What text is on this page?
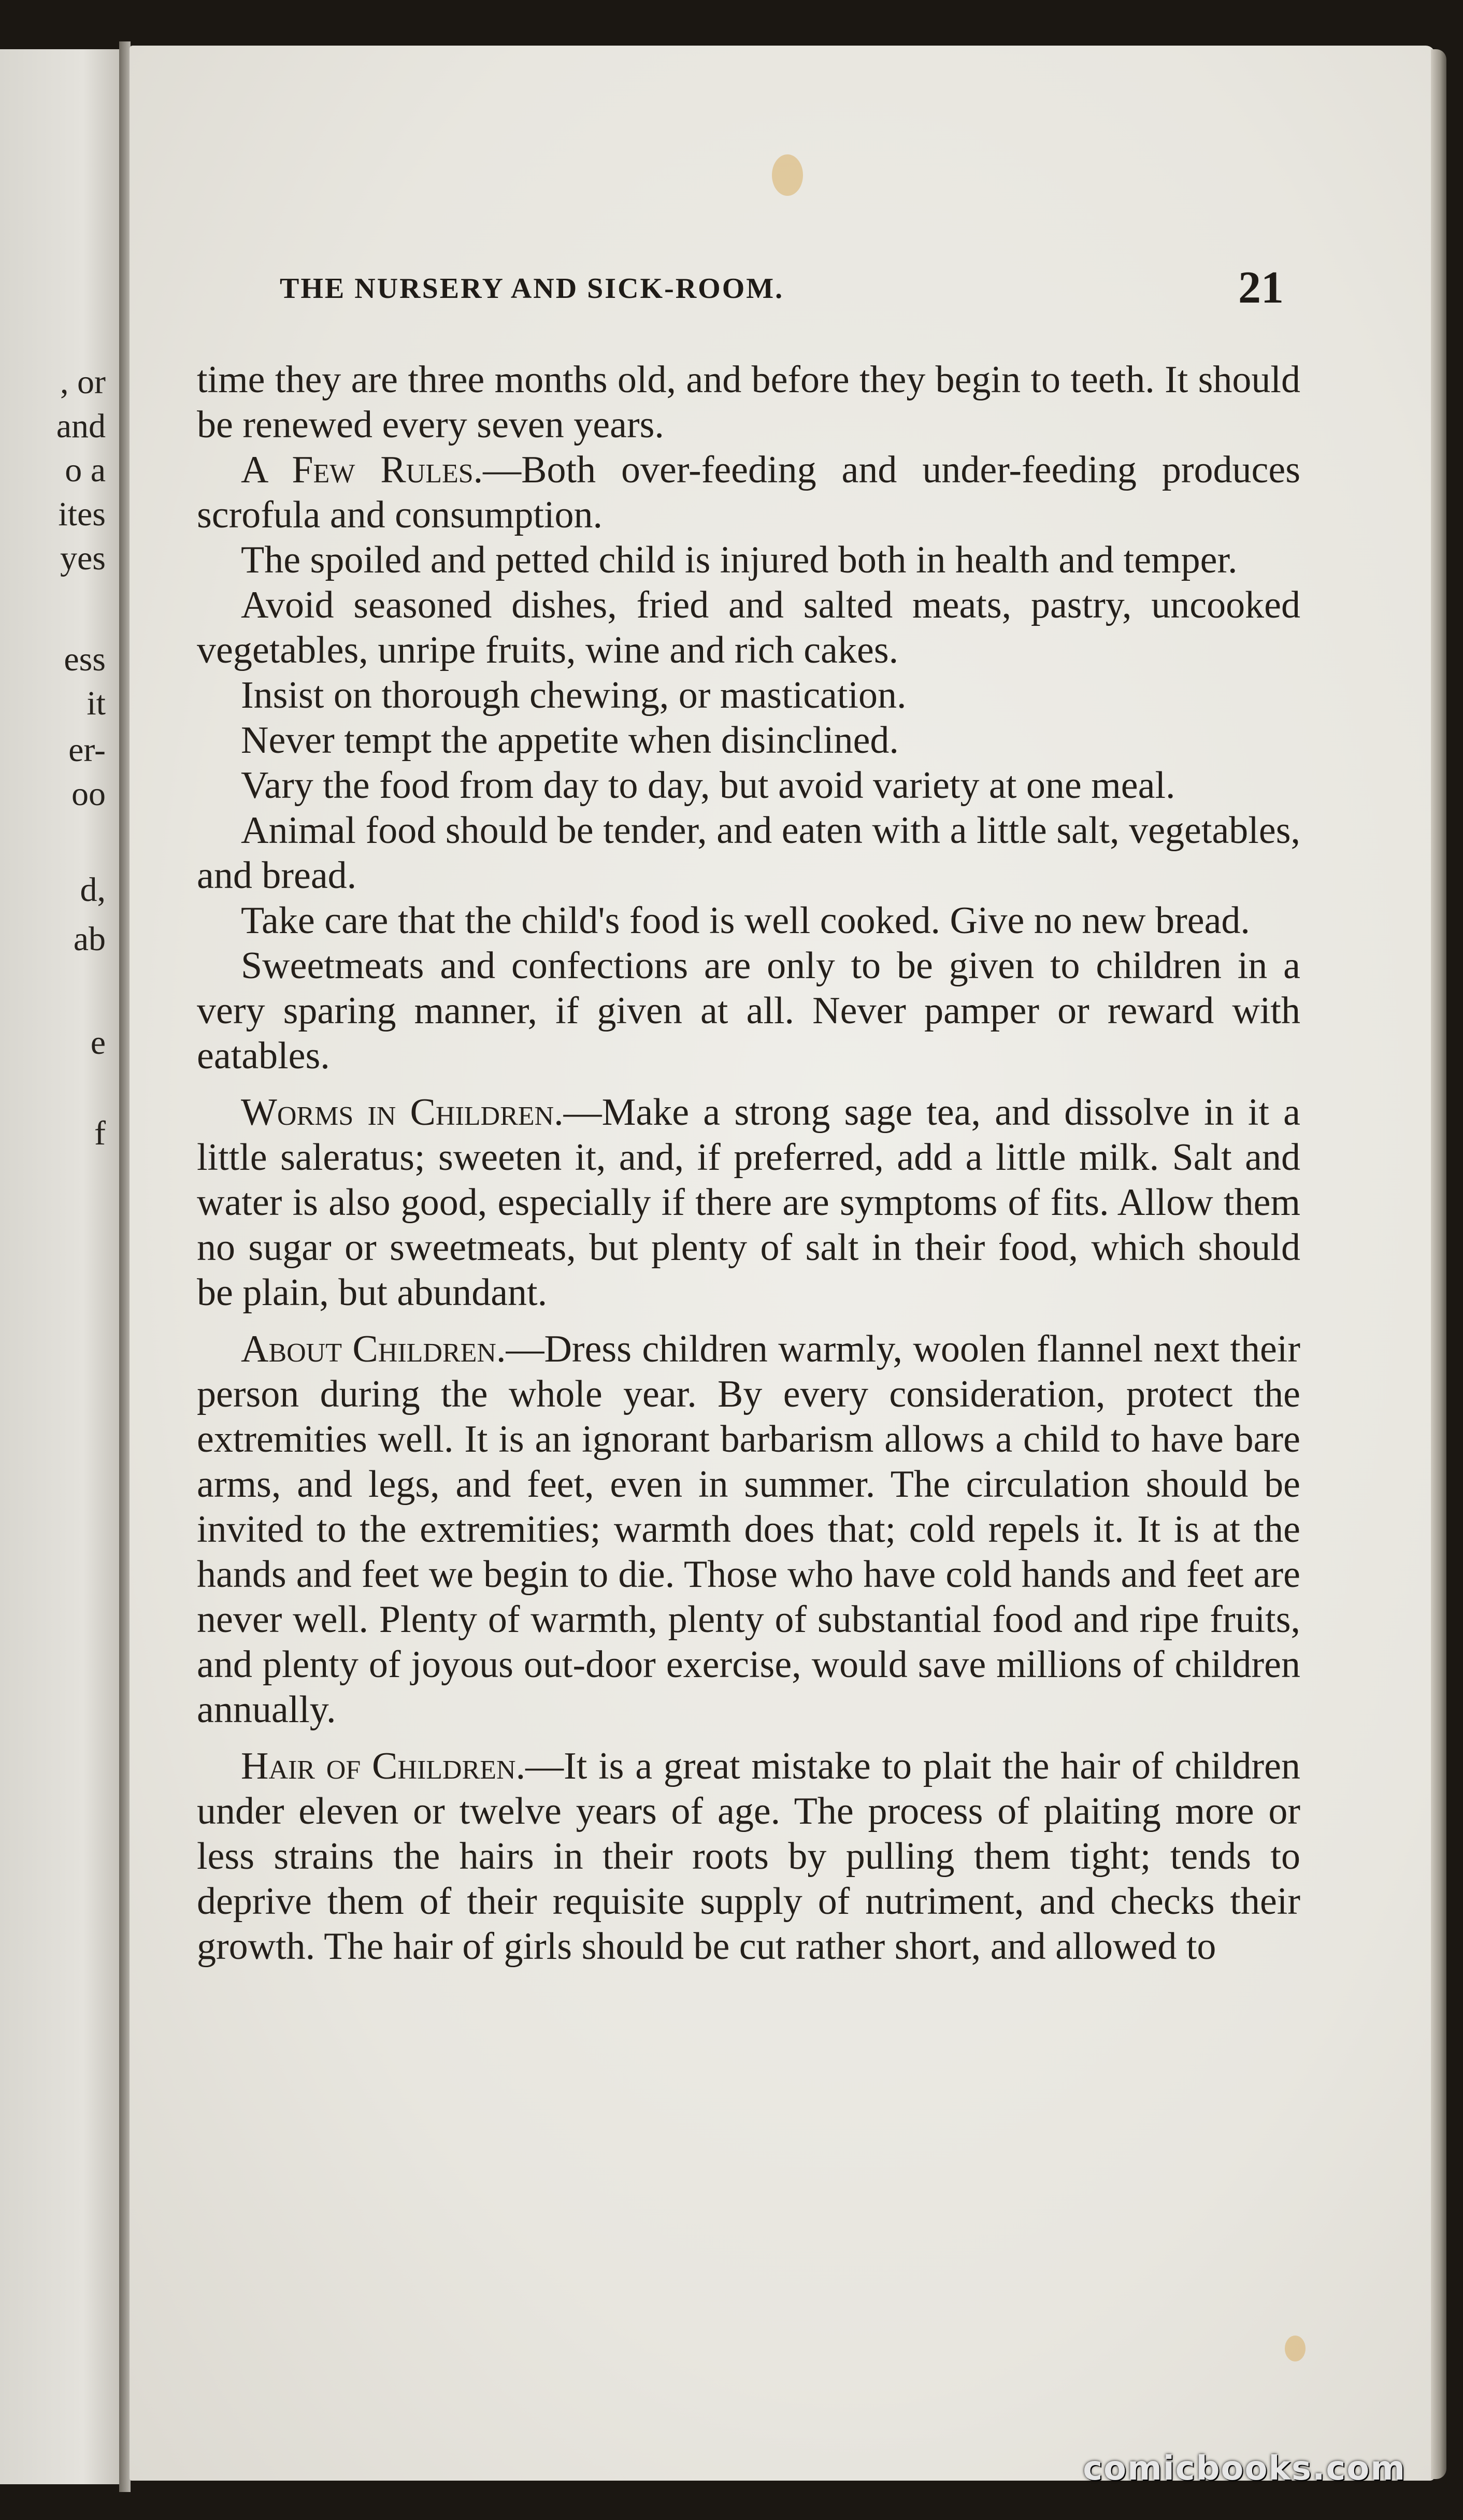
, or
and
o a
ites
yes
ess
it
er-
oo
d,
ab
e
f
THE NURSERY AND SICK-ROOM.	21

time they are three months old, and before they begin to teeth. It should be renewed every seven years.

A Few Rules.—Both over-feeding and under-feeding produces scrofula and consumption.

The spoiled and petted child is injured both in health and temper.

Avoid seasoned dishes, fried and salted meats, pastry, uncooked vegetables, unripe fruits, wine and rich cakes.

Insist on thorough chewing, or mastication.

Never tempt the appetite when disinclined.

Vary the food from day to day, but avoid variety at one meal.

Animal food should be tender, and eaten with a little salt, vegetables, and bread.

Take care that the child's food is well cooked. Give no new bread.

Sweetmeats and confections are only to be given to children in a very sparing manner, if given at all. Never pamper or reward with eatables.

Worms in Children.—Make a strong sage tea, and dissolve in it a little saleratus; sweeten it, and, if preferred, add a little milk. Salt and water is also good, especially if there are symptoms of fits. Allow them no sugar or sweetmeats, but plenty of salt in their food, which should be plain, but abundant.

About Children.—Dress children warmly, woolen flannel next their person during the whole year. By every consideration, protect the extremities well. It is an ignorant barbarism allows a child to have bare arms, and legs, and feet, even in summer. The circulation should be invited to the extremities; warmth does that; cold repels it. It is at the hands and feet we begin to die. Those who have cold hands and feet are never well. Plenty of warmth, plenty of substantial food and ripe fruits, and plenty of joyous out-door exercise, would save millions of children annually.

Hair of Children.—It is a great mistake to plait the hair of children under eleven or twelve years of age. The process of plaiting more or less strains the hairs in their roots by pulling them tight; tends to deprive them of their requisite supply of nutriment, and checks their growth. The hair of girls should be cut rather short, and allowed to

comicbooks.com
